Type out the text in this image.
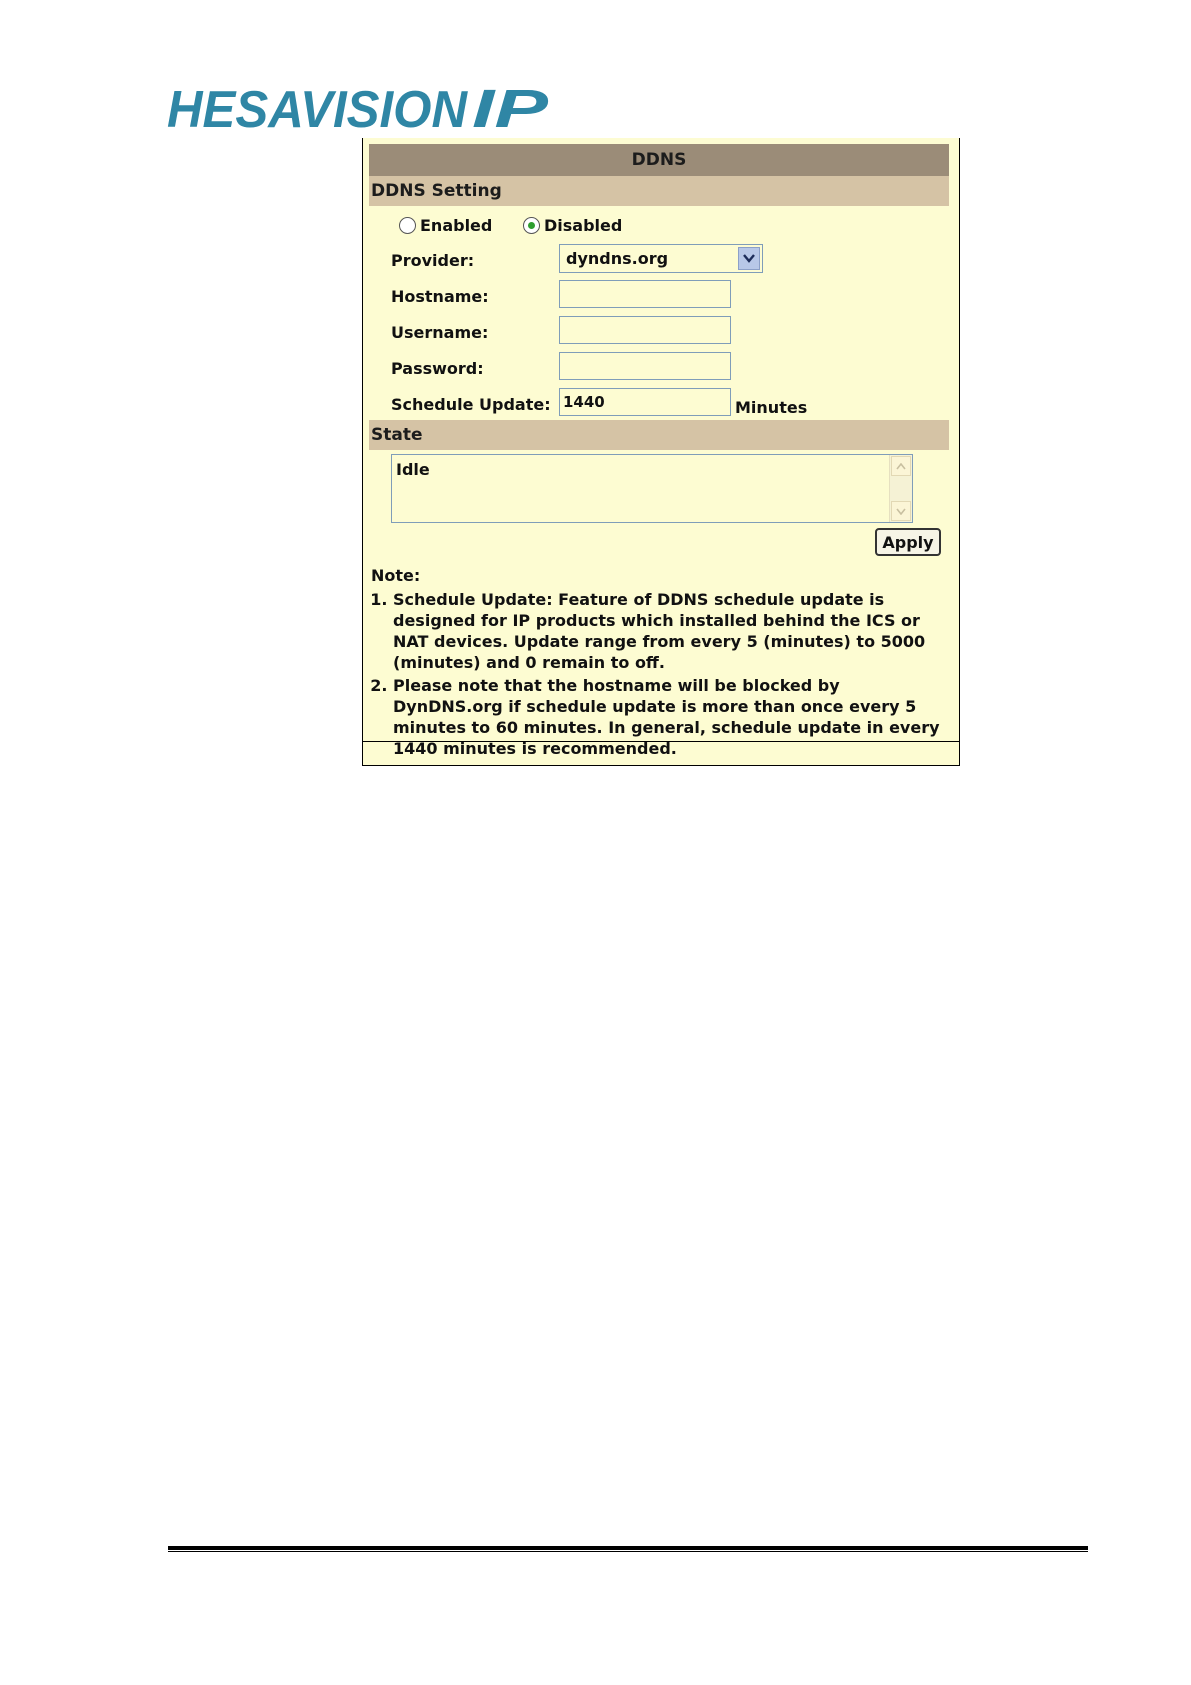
HESAVISION IP
DDNS
DDNS Setting
Enabled	Disabled
Provider:	dyndns.org
Hostname:
Username:
Password:
Schedule Update: 1440	Minutes
State
Idle
Apply
Note:
1. Schedule Update: Feature of DDNS schedule update is designed for IP products which installed behind the ICS or NAT devices. Update range from every 5 (minutes) to 5000 (minutes) and 0 remain to off.
2. Please note that the hostname will be blocked by DynDNS.org if schedule update is more than once every 5 minutes to 60 minutes. In general, schedule update in every 1440 minutes is recommended.
